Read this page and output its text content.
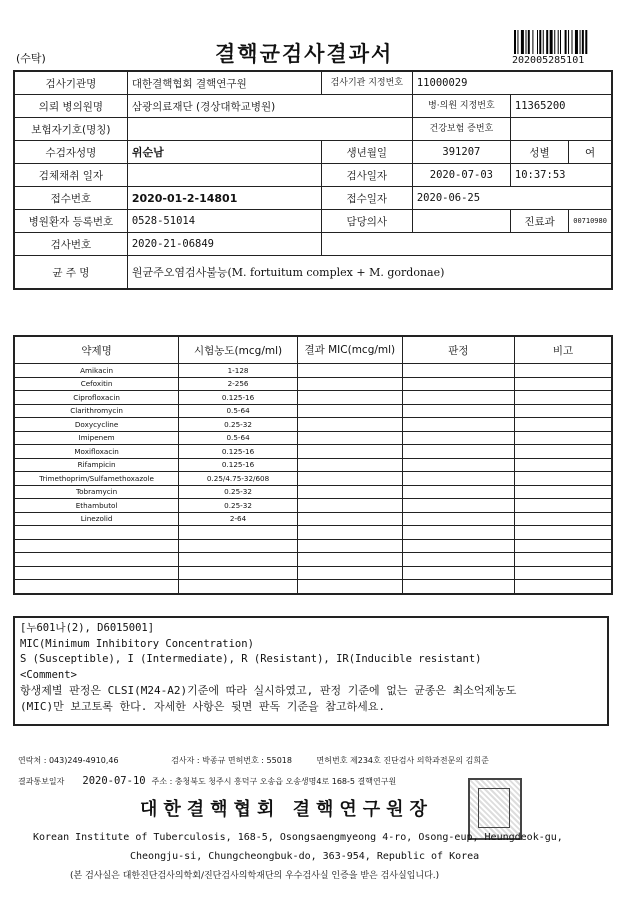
(수탁)	결핵균검사결과서	202005285101
검사기관명	대한결핵협회 결핵연구원	검사기관 지정번호	11000029		
의뢰 병의원명	삼광의료재단 (경상대학교병원)		병·의원 지정번호	11365200	
보험자기호(명칭)			건강보험 증번호		
수검자성명	위순남	생년월일	391207	성별	여
검체채취 일자		검사일자	2020-07-03	10:37:53	
접수번호	2020-01-2-14801	접수일자	2020-06-25		
병원환자 등록번호	0528-51014	담당의사		진료과	00710980
검사번호	2020-21-06849				
균 주 명	원균주오염검사불능(M. fortuitum complex + M. gordonae)				
약제명	시험농도(mcg/ml)	결과 MIC(mcg/ml)	판정	비고
Amikacin	1-128			
Cefoxitin	2-256			
Ciprofloxacin	0.125-16			
Clarithromycin	0.5-64			
Doxycycline	0.25-32			
Imipenem	0.5-64			
Moxifloxacin	0.125-16			
Rifampicin	0.125-16			
Trimethoprim/Sulfamethoxazole	0.25/4.75-32/608			
Tobramycin	0.25-32			
Ethambutol	0.25-32			
Linezolid	2-64			

[누601나(2), D6015001]
MIC(Minimum Inhibitory Concentration)
S (Susceptible), I (Intermediate), R (Resistant), IR(Inducible resistant)
<Comment>
항생제별 판정은 CLSI(M24-A2)기준에 따라 실시하였고, 판정 기준에 없는 균종은 최소억제농도
(MIC)만 보고토록 한다. 자세한 사항은 뒷면 판독 기준을 참고하세요.
연락처 : 043)249-4910,46	검사자 : 박종규 면허번호 : 55018	면허번호 제234호 진단검사 의학과전문의 김희준
결과통보일자 2020-07-10 주소 : 충청북도 청주시 흥덕구 오송읍 오송생명4로 168-5 결핵연구원
대한결핵협회 결핵연구원장
Korean Institute of Tuberculosis, 168-5, Osongsaengmyeong 4-ro, Osong-eup, Heungdeok-gu,
Cheongju-si, Chungcheongbuk-do, 363-954, Republic of Korea
(본 검사실은 대한진단검사의학회/진단검사의학재단의 우수검사실 인증을 받은 검사실입니다.)
